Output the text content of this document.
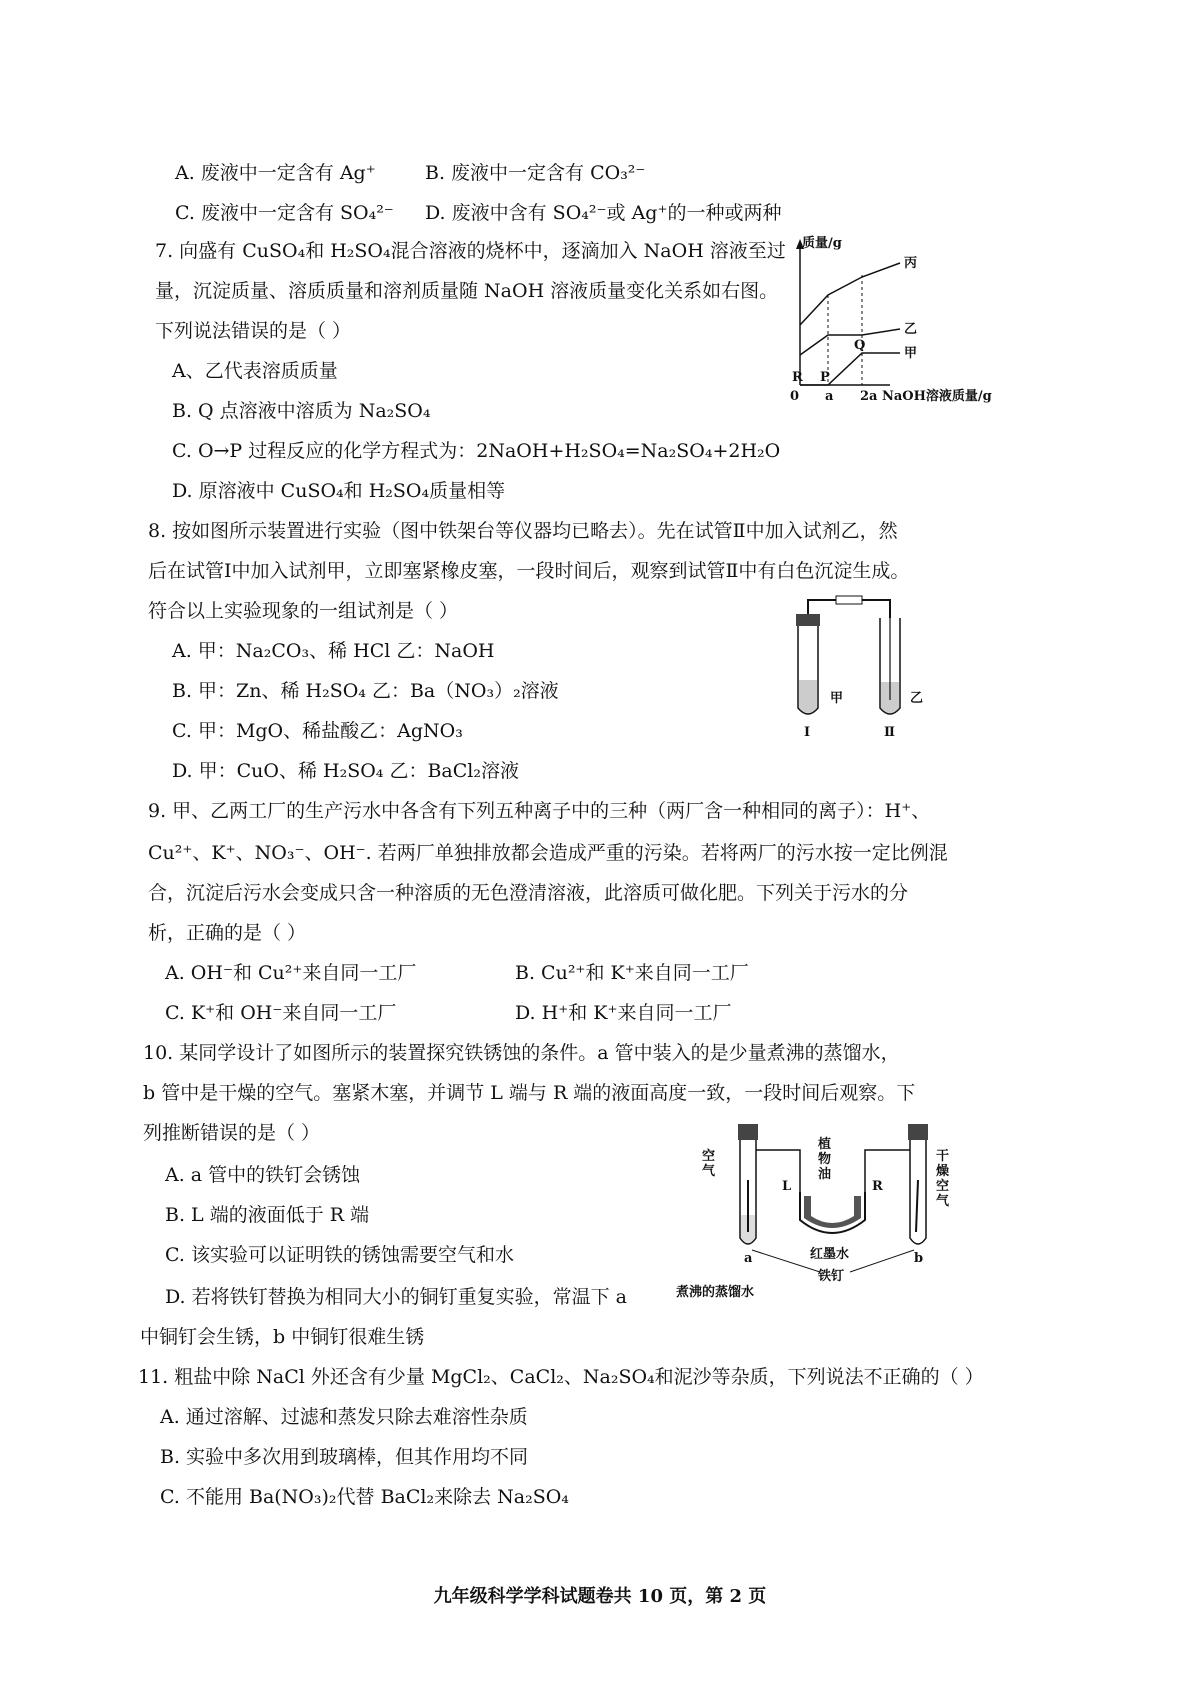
A. 废液中一定含有 Ag⁺	B. 废液中一定含有 CO₃²⁻
C. 废液中一定含有 SO₄²⁻ D. 废液中含有 SO₄²⁻或 Ag⁺的一种或两种
7. 向盛有 CuSO₄和 H₂SO₄混合溶液的烧杯中，逐滴加入 NaOH 溶液至过
量，沉淀质量、溶质质量和溶剂质量随 NaOH 溶液质量变化关系如右图。
下列说法错误的是（ ）
A、乙代表溶质质量
B. Q 点溶液中溶质为 Na₂SO₄
C. O→P 过程反应的化学方程式为：2NaOH+H₂SO₄=Na₂SO₄+2H₂O
D. 原溶液中 CuSO₄和 H₂SO₄质量相等
质量/g
0 a 2a NaOH溶液质量/g
丙
乙
甲
R P
Q
8. 按如图所示装置进行实验（图中铁架台等仪器均已略去）。先在试管Ⅱ中加入试剂乙，然
后在试管Ⅰ中加入试剂甲，立即塞紧橡皮塞，一段时间后，观察到试管Ⅱ中有白色沉淀生成。
符合以上实验现象的一组试剂是（ ）
A. 甲：Na₂CO₃、稀 HCl 乙：NaOH
B. 甲：Zn、稀 H₂SO₄ 乙：Ba（NO₃）₂溶液
C. 甲：MgO、稀盐酸乙：AgNO₃
D. 甲：CuO、稀 H₂SO₄ 乙：BaCl₂溶液
甲	乙
Ⅰ	Ⅱ
9. 甲、乙两工厂的生产污水中各含有下列五种离子中的三种（两厂含一种相同的离子）：H⁺、
Cu²⁺、K⁺、NO₃⁻、OH⁻. 若两厂单独排放都会造成严重的污染。若将两厂的污水按一定比例混
合，沉淀后污水会变成只含一种溶质的无色澄清溶液，此溶质可做化肥。下列关于污水的分
析，正确的是（ ）
A. OH⁻和 Cu²⁺来自同一工厂	B. Cu²⁺和 K⁺来自同一工厂
C. K⁺和 OH⁻来自同一工厂	D. H⁺和 K⁺来自同一工厂
10. 某同学设计了如图所示的装置探究铁锈蚀的条件。a 管中装入的是少量煮沸的蒸馏水，
b 管中是干燥的空气。塞紧木塞，并调节 L 端与 R 端的液面高度一致，一段时间后观察。下
列推断错误的是（ ）
A. a 管中的铁钉会锈蚀
B. L 端的液面低于 R 端
C. 该实验可以证明铁的锈蚀需要空气和水
D. 若将铁钉替换为相同大小的铜钉重复实验，常温下 a
中铜钉会生锈，b 中铜钉很难生锈
空气
植物油
干燥空气
L	R
a	b
红墨水
铁钉
煮沸的蒸馏水
11. 粗盐中除 NaCl 外还含有少量 MgCl₂、CaCl₂、Na₂SO₄和泥沙等杂质，下列说法不正确的（ ）
A. 通过溶解、过滤和蒸发只除去难溶性杂质
B. 实验中多次用到玻璃棒，但其作用均不同
C. 不能用 Ba(NO₃)₂代替 BaCl₂来除去 Na₂SO₄
九年级科学学科试题卷共 10 页，第 2 页
